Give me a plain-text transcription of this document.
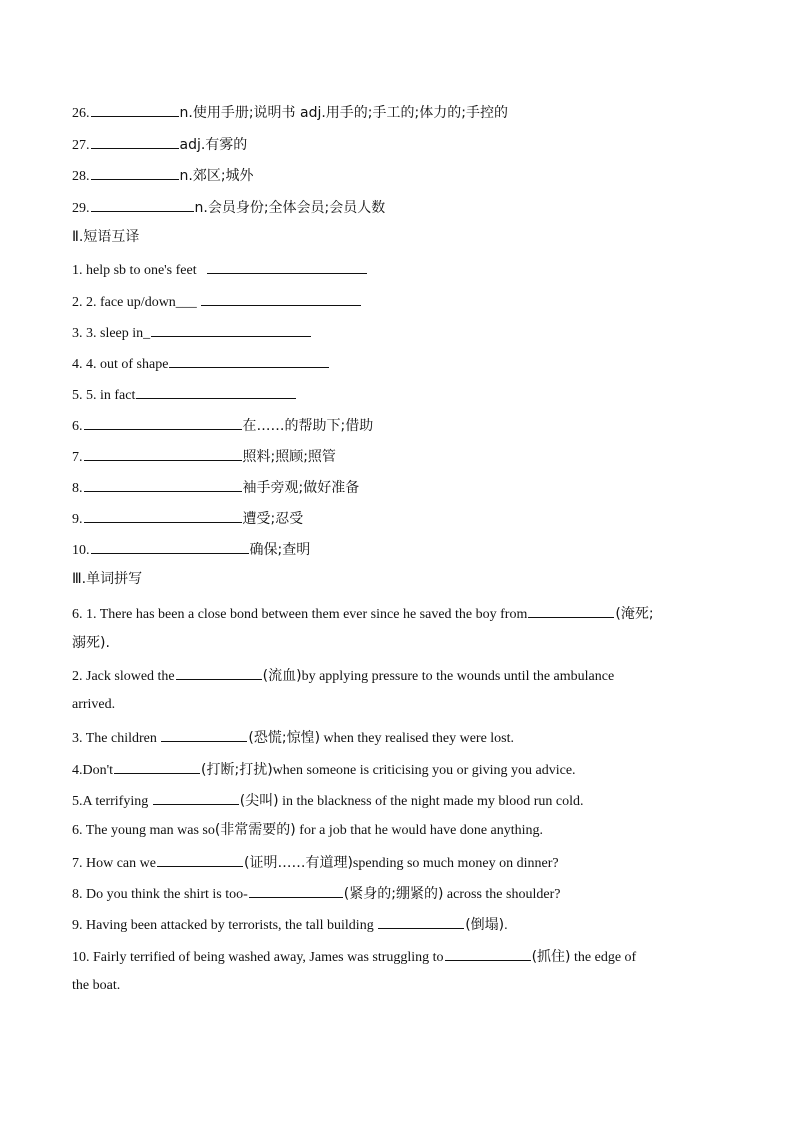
26.	n.使用手册;说明书 adj.用手的;手工的;体力的;手控的
27.	adj.有雾的
28.	n.郊区;城外
29.	n.会员身份;全体会员;会员人数
Ⅱ.短语互译
1. help sb to one's feet
2. 2. face up/down___
3. 3. sleep in_
4. 4. out of shape
5. 5. in fact
6.	在……的帮助下;借助
7.	照料;照顾;照管
8.	袖手旁观;做好准备
9.	遭受;忍受
10.	确保;查明
Ⅲ.单词拼写
6. 1. There has been a close bond between them ever since he saved the boy from	(淹死;
溺死).
2. Jack slowed the	(流血)by applying pressure to the wounds until the ambulance
arrived.
3. The children	(恐慌;惊惶) when they realised they were lost.
4.Don't	(打断;打扰)when someone is criticising you or giving you advice.
5.A terrifying	(尖叫) in the blackness of the night made my blood run cold.
6. The young man was so(非常需要的) for a job that he would have done anything.
7. How can we	(证明……有道理)spending so much money on dinner?
8. Do you think the shirt is too-	(紧身的;绷紧的) across the shoulder?
9. Having been attacked by terrorists, the tall building	(倒塌).
10. Fairly terrified of being washed away, James was struggling to	(抓住) the edge of
the boat.
